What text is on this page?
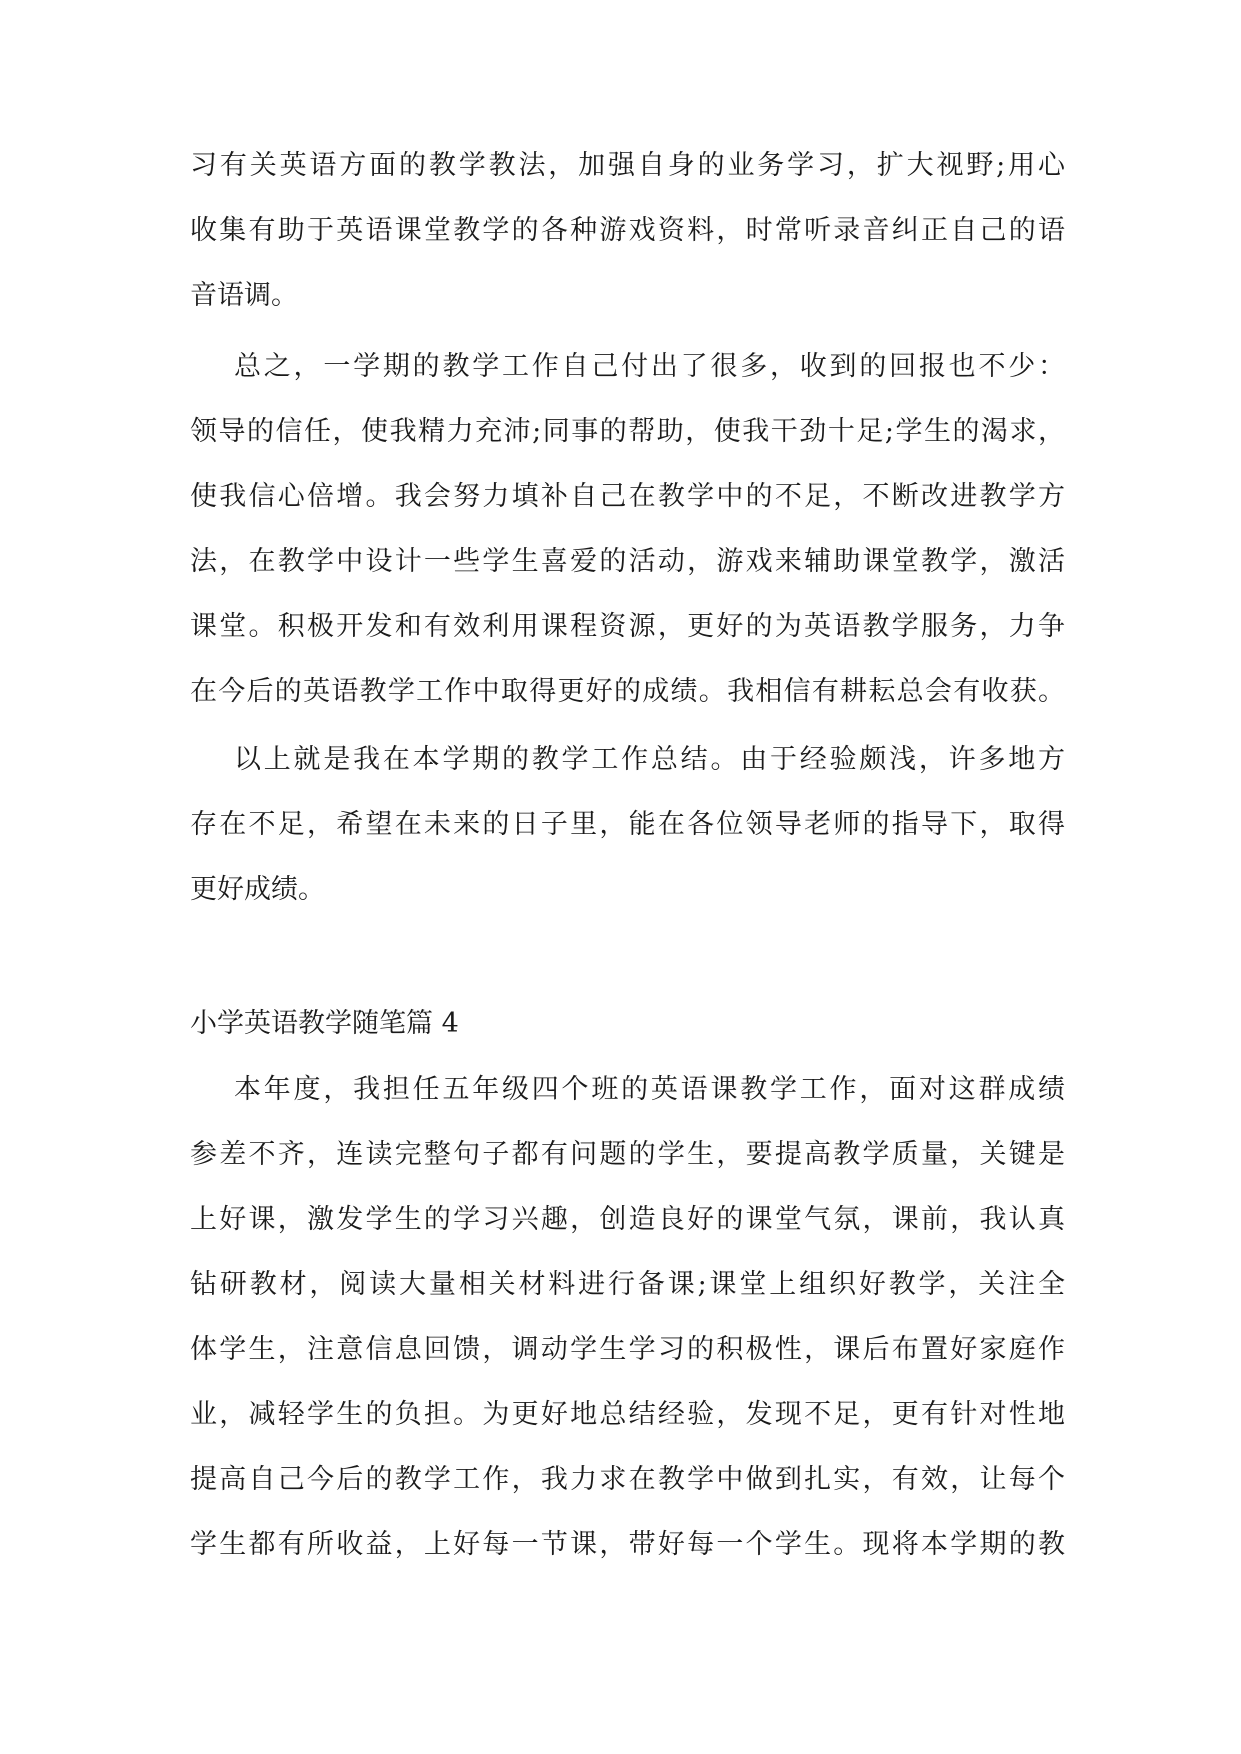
习有关英语方面的教学教法，加强自身的业务学习，扩大视野;用心
收集有助于英语课堂教学的各种游戏资料，时常听录音纠正自己的语
音语调。
总之，一学期的教学工作自己付出了很多，收到的回报也不少：
领导的信任，使我精力充沛;同事的帮助，使我干劲十足;学生的渴求，
使我信心倍增。我会努力填补自己在教学中的不足，不断改进教学方
法，在教学中设计一些学生喜爱的活动，游戏来辅助课堂教学，激活
课堂。积极开发和有效利用课程资源，更好的为英语教学服务，力争
在今后的英语教学工作中取得更好的成绩。我相信有耕耘总会有收获。
以上就是我在本学期的教学工作总结。由于经验颇浅，许多地方
存在不足，希望在未来的日子里，能在各位领导老师的指导下，取得
更好成绩。
小学英语教学随笔篇 4
本年度，我担任五年级四个班的英语课教学工作，面对这群成绩
参差不齐，连读完整句子都有问题的学生，要提高教学质量，关键是
上好课，激发学生的学习兴趣，创造良好的课堂气氛，课前，我认真
钻研教材，阅读大量相关材料进行备课;课堂上组织好教学，关注全
体学生，注意信息回馈，调动学生学习的积极性，课后布置好家庭作
业，减轻学生的负担。为更好地总结经验，发现不足，更有针对性地
提高自己今后的教学工作，我力求在教学中做到扎实，有效，让每个
学生都有所收益，上好每一节课，带好每一个学生。现将本学期的教
